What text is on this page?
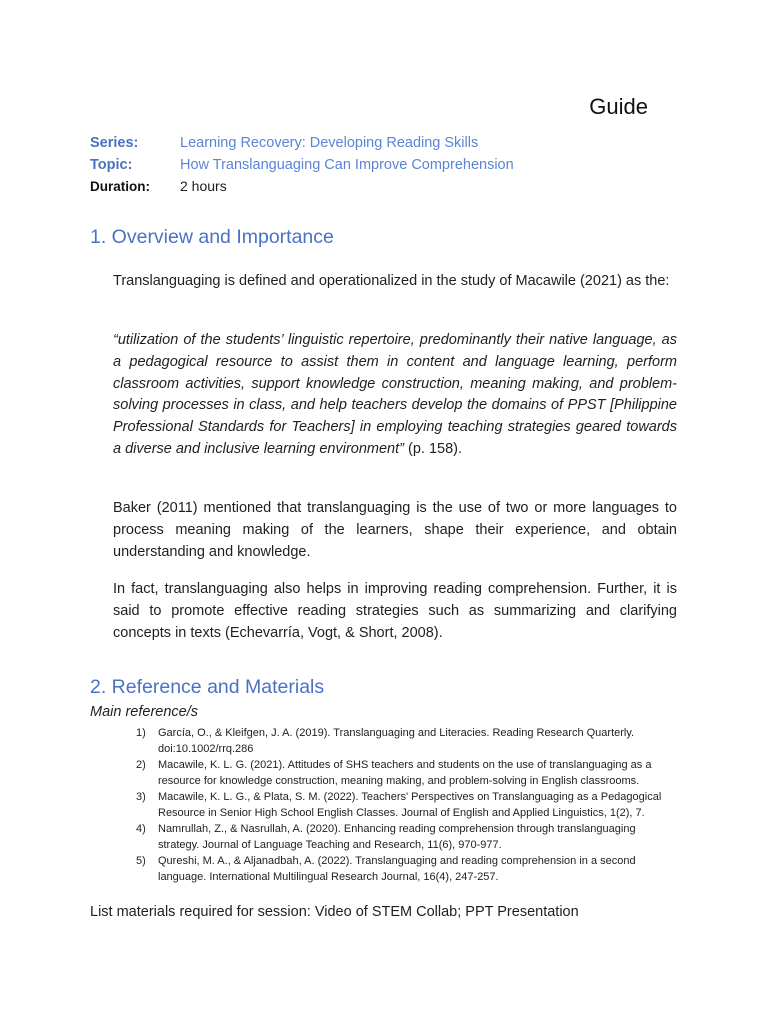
Guide
Series:	Learning Recovery: Developing Reading Skills
Topic:	How Translanguaging Can Improve Comprehension
Duration:	2 hours
1. Overview and Importance

Translanguaging is defined and operationalized in the study of Macawile (2021) as the:

“utilization of the students’ linguistic repertoire, predominantly their native language, as a pedagogical resource to assist them in content and language learning, perform classroom activities, support knowledge construction, meaning making, and problem-solving processes in class, and help teachers develop the domains of PPST [Philippine Professional Standards for Teachers] in employing teaching strategies geared towards a diverse and inclusive learning environment” (p. 158).

Baker (2011) mentioned that translanguaging is the use of two or more languages to process meaning making of the learners, shape their experience, and obtain understanding and knowledge.

In fact, translanguaging also helps in improving reading comprehension. Further, it is said to promote effective reading strategies such as summarizing and clarifying concepts in texts (Echevarría, Vogt, & Short, 2008).

2. Reference and Materials
Main reference/s
1)	García, O., & Kleifgen, J. A. (2019). Translanguaging and Literacies. Reading Research Quarterly. doi:10.1002/rrq.286
2)	Macawile, K. L. G. (2021). Attitudes of SHS teachers and students on the use of translanguaging as a resource for knowledge construction, meaning making, and problem-solving in English classrooms.
3)	Macawile, K. L. G., & Plata, S. M. (2022). Teachers' Perspectives on Translanguaging as a Pedagogical Resource in Senior High School English Classes. Journal of English and Applied Linguistics, 1(2), 7.
4)	Namrullah, Z., & Nasrullah, A. (2020). Enhancing reading comprehension through translanguaging strategy. Journal of Language Teaching and Research, 11(6), 970-977.
5)	Qureshi, M. A., & Aljanadbah, A. (2022). Translanguaging and reading comprehension in a second language. International Multilingual Research Journal, 16(4), 247-257.
List materials required for session: Video of STEM Collab; PPT Presentation
